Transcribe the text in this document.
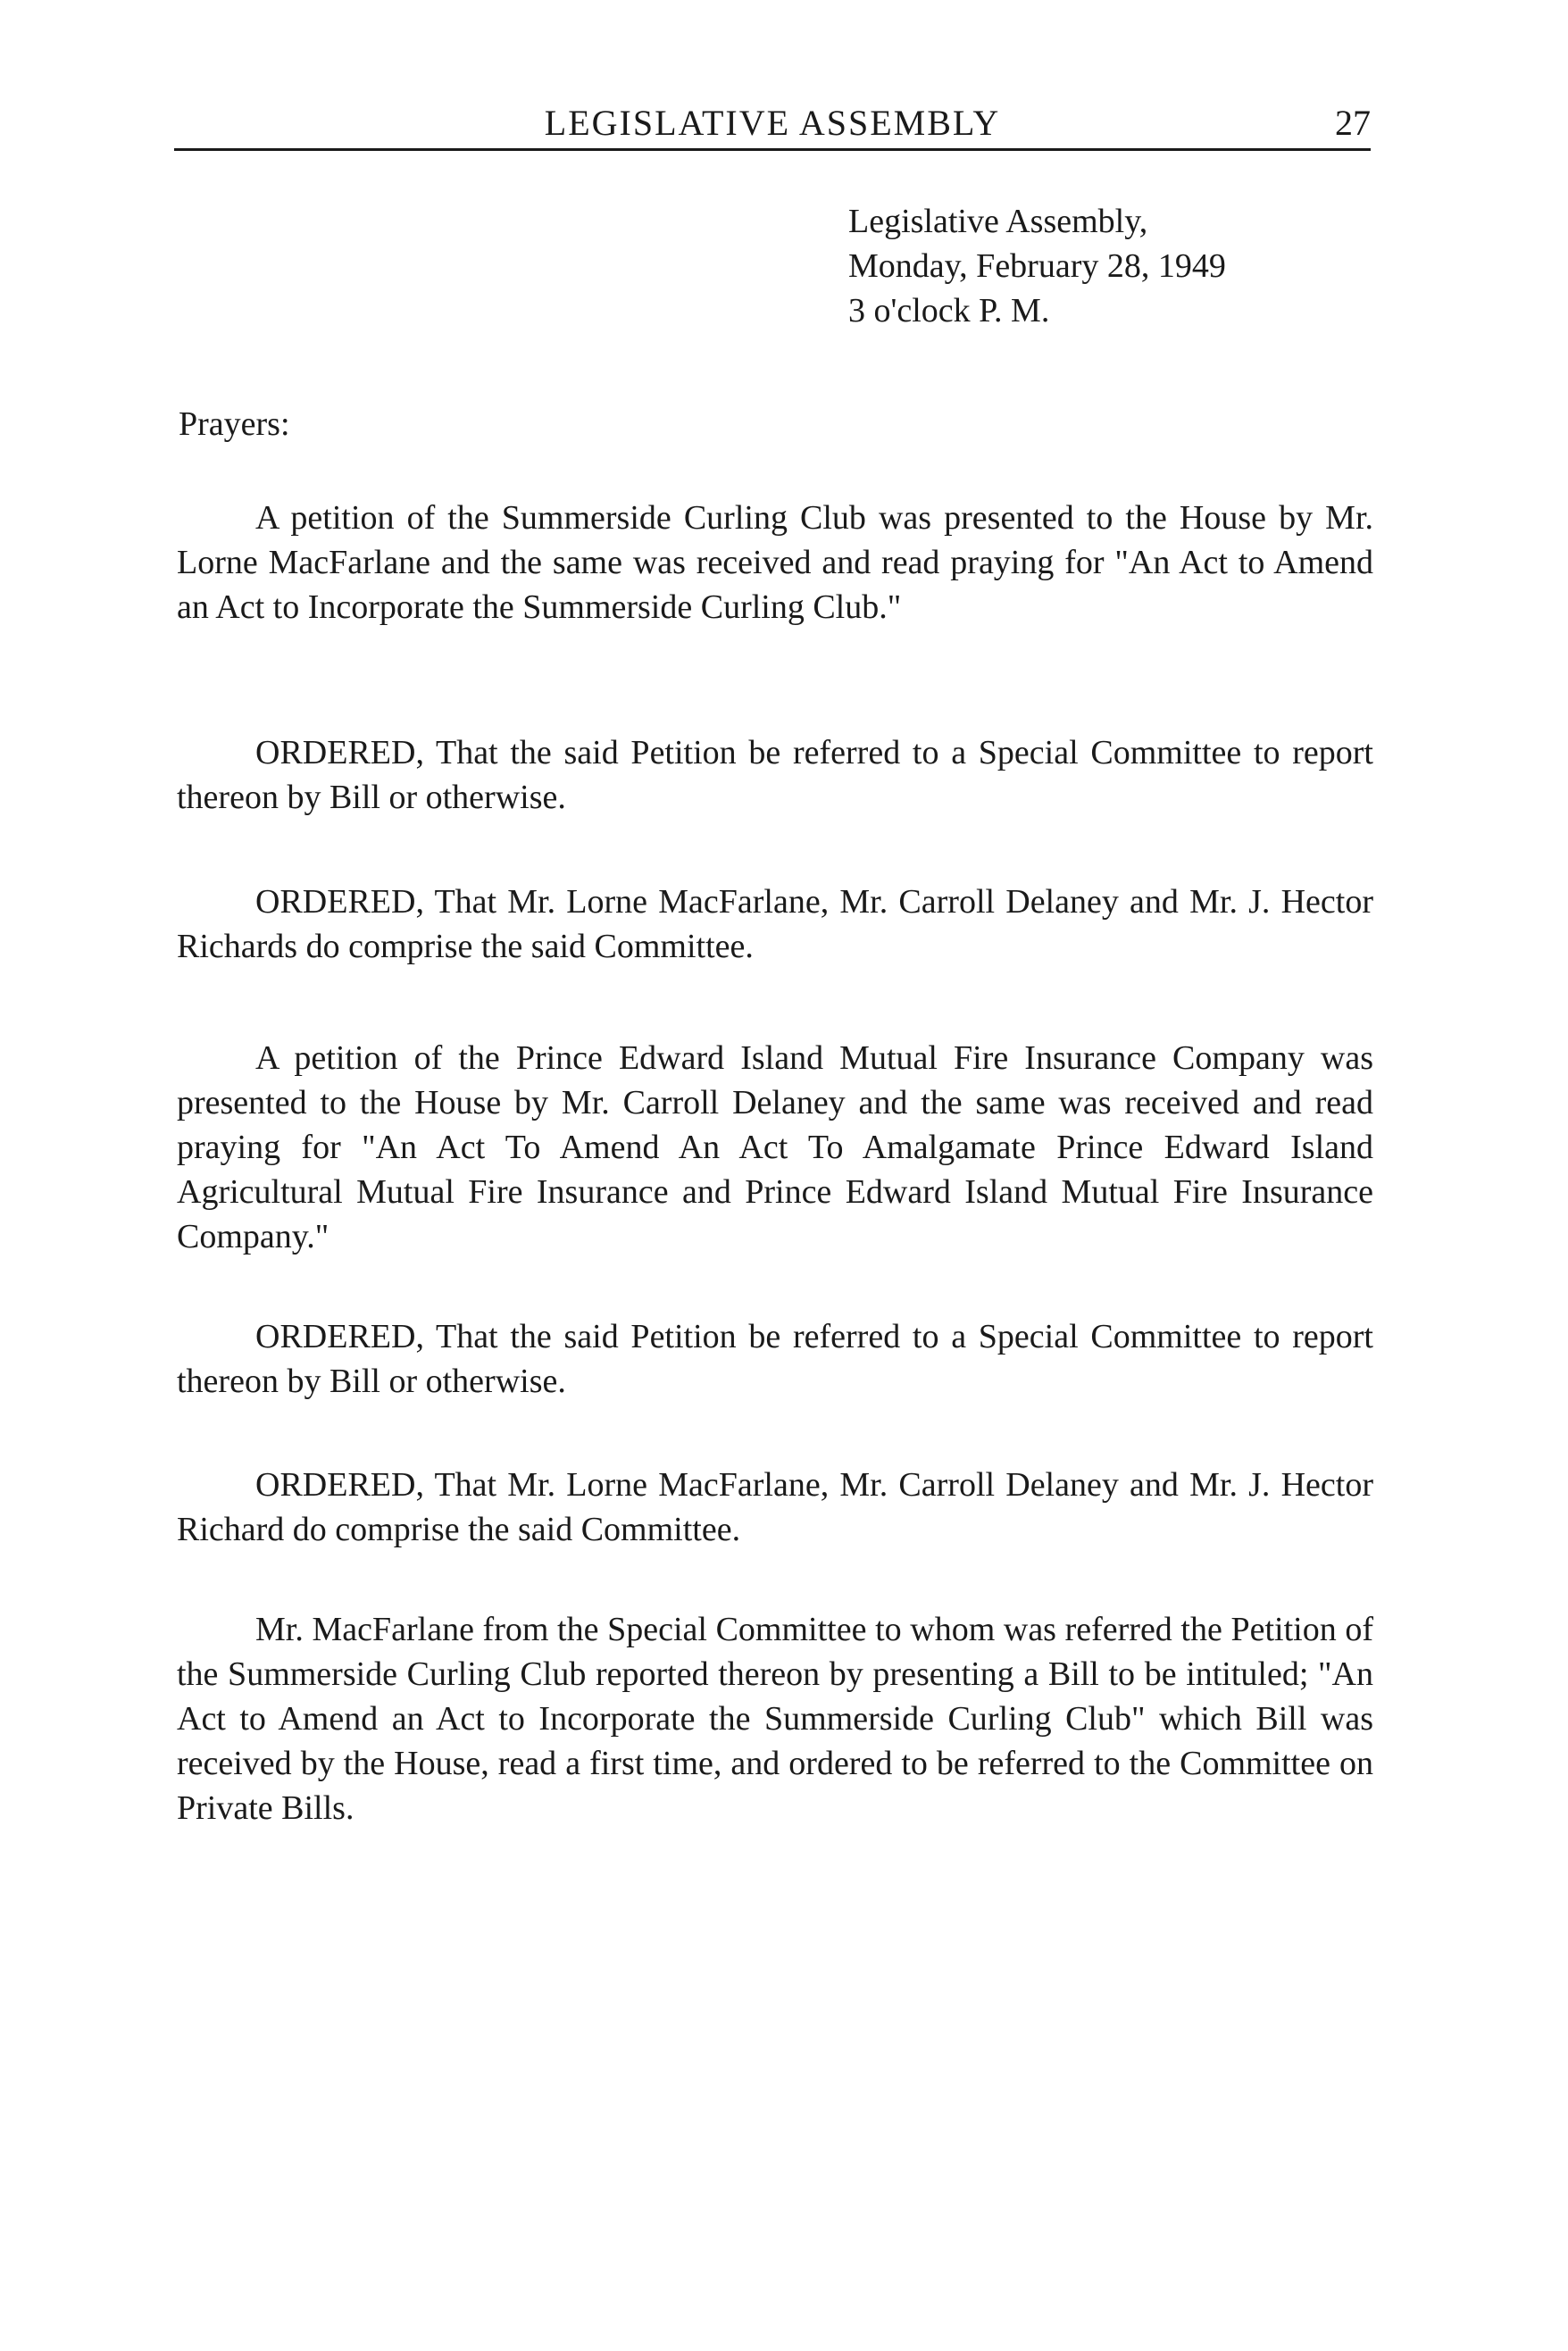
LEGISLATIVE ASSEMBLY	27
Legislative Assembly,
Monday, February 28, 1949
3 o'clock P. M.
Prayers:

A petition of the Summerside Curling Club was presented to the House by Mr. Lorne MacFarlane and the same was received and read praying for "An Act to Amend an Act to Incorporate the Summerside Curling Club."

ORDERED, That the said Petition be referred to a Special Committee to report thereon by Bill or otherwise.

ORDERED, That Mr. Lorne MacFarlane, Mr. Carroll Delaney and Mr. J. Hector Richards do comprise the said Committee.

A petition of the Prince Edward Island Mutual Fire Insurance Company was presented to the House by Mr. Carroll Delaney and the same was received and read praying for "An Act To Amend An Act To Amalgamate Prince Edward Island Agricultural Mutual Fire Insurance and Prince Edward Island Mutual Fire Insurance Company."

ORDERED, That the said Petition be referred to a Special Committee to report thereon by Bill or otherwise.

ORDERED, That Mr. Lorne MacFarlane, Mr. Carroll Delaney and Mr. J. Hector Richard do comprise the said Committee.

Mr. MacFarlane from the Special Committee to whom was referred the Petition of the Summerside Curling Club reported thereon by presenting a Bill to be intituled; "An Act to Amend an Act to Incorporate the Summerside Curling Club" which Bill was received by the House, read a first time, and ordered to be referred to the Committee on Private Bills.
